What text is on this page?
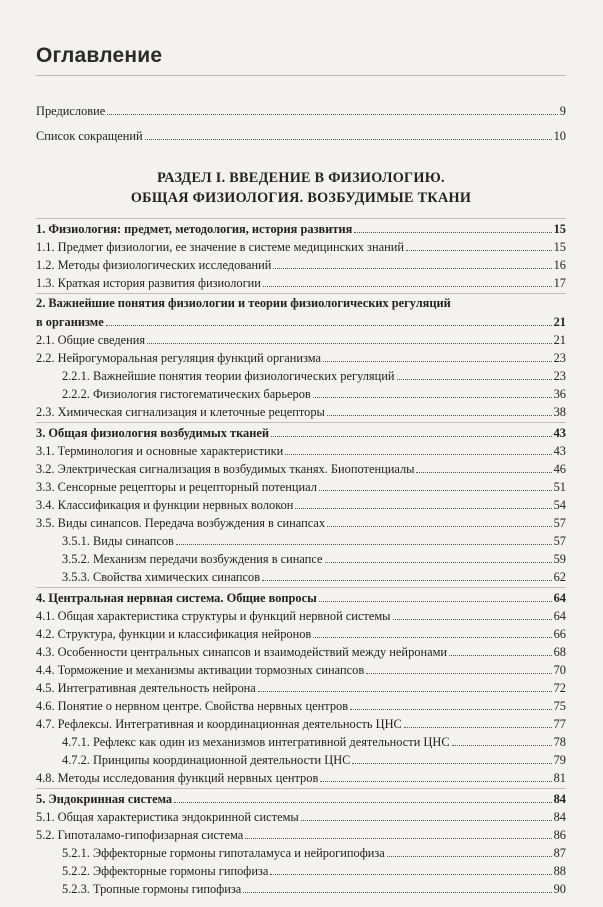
Оглавление
Предисловие	9
Список сокращений	10
РАЗДЕЛ I. ВВЕДЕНИЕ В ФИЗИОЛОГИЮ.
ОБЩАЯ ФИЗИОЛОГИЯ. ВОЗБУДИМЫЕ ТКАНИ
1. Физиология: предмет, методология, история развития	15
1.1. Предмет физиологии, ее значение в системе медицинских знаний	15
1.2. Методы физиологических исследований	16
1.3. Краткая история развития физиологии	17
2. Важнейшие понятия физиологии и теории физиологических регуляций
в организме	21
2.1. Общие сведения	21
2.2. Нейрогуморальная регуляция функций организма	23
2.2.1. Важнейшие понятия теории физиологических регуляций	23
2.2.2. Физиология гистогематических барьеров	36
2.3. Химическая сигнализация и клеточные рецепторы	38
3. Общая физиология возбудимых тканей	43
3.1. Терминология и основные характеристики	43
3.2. Электрическая сигнализация в возбудимых тканях. Биопотенциалы	46
3.3. Сенсорные рецепторы и рецепторный потенциал	51
3.4. Классификация и функции нервных волокон	54
3.5. Виды синапсов. Передача возбуждения в синапсах	57
3.5.1. Виды синапсов	57
3.5.2. Механизм передачи возбуждения в синапсе	59
3.5.3. Свойства химических синапсов	62
4. Центральная нервная система. Общие вопросы	64
4.1. Общая характеристика структуры и функций нервной системы	64
4.2. Структура, функции и классификация нейронов	66
4.3. Особенности центральных синапсов и взаимодействий между нейронами	68
4.4. Торможение и механизмы активации тормозных синапсов	70
4.5. Интегративная деятельность нейрона	72
4.6. Понятие о нервном центре. Свойства нервных центров	75
4.7. Рефлексы. Интегративная и координационная деятельность ЦНС	77
4.7.1. Рефлекс как один из механизмов интегративной деятельности ЦНС	78
4.7.2. Принципы координационной деятельности ЦНС	79
4.8. Методы исследования функций нервных центров	81
5. Эндокринная система	84
5.1. Общая характеристика эндокринной системы	84
5.2. Гипоталамо-гипофизарная система	86
5.2.1. Эффекторные гормоны гипоталамуса и нейрогипофиза	87
5.2.2. Эффекторные гормоны гипофиза	88
5.2.3. Тропные гормоны гипофиза	90
